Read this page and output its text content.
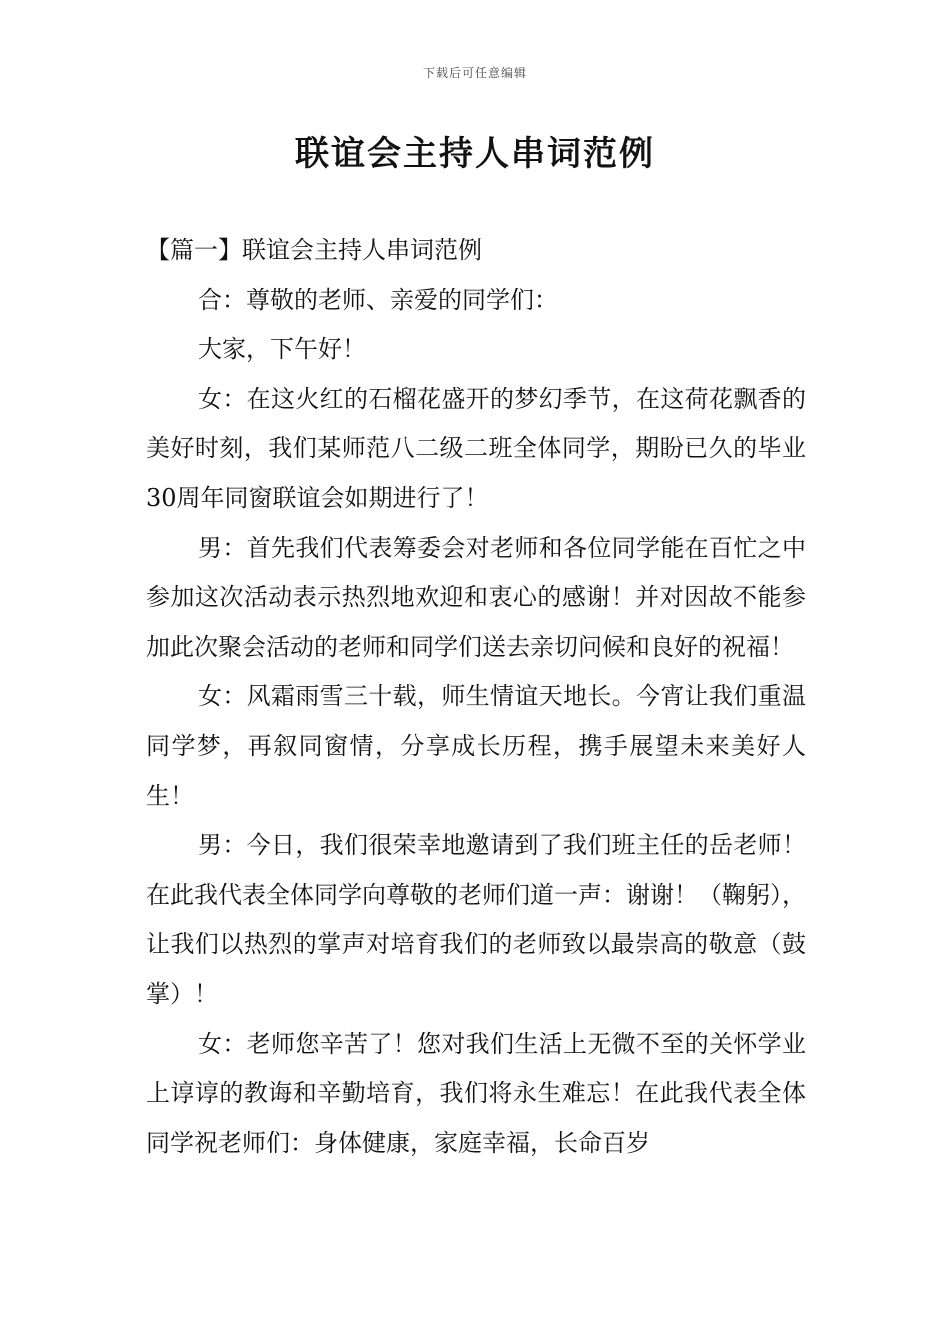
下载后可任意编辑
联谊会主持人串词范例

【篇一】联谊会主持人串词范例

合：尊敬的老师、亲爱的同学们：

大家，下午好！

女：在这火红的石榴花盛开的梦幻季节，在这荷花飘香的美好时刻，我们某师范八二级二班全体同学，期盼已久的毕业30周年同窗联谊会如期进行了！

男：首先我们代表筹委会对老师和各位同学能在百忙之中参加这次活动表示热烈地欢迎和衷心的感谢！并对因故不能参加此次聚会活动的老师和同学们送去亲切问候和良好的祝福！

女：风霜雨雪三十载，师生情谊天地长。今宵让我们重温同学梦，再叙同窗情，分享成长历程，携手展望未来美好人生！

男：今日，我们很荣幸地邀请到了我们班主任的岳老师！在此我代表全体同学向尊敬的老师们道一声：谢谢！（鞠躬），让我们以热烈的掌声对培育我们的老师致以最崇高的敬意（鼓掌）！

女：老师您辛苦了！您对我们生活上无微不至的关怀学业上谆谆的教诲和辛勤培育，我们将永生难忘！在此我代表全体同学祝老师们：身体健康，家庭幸福，长命百岁
